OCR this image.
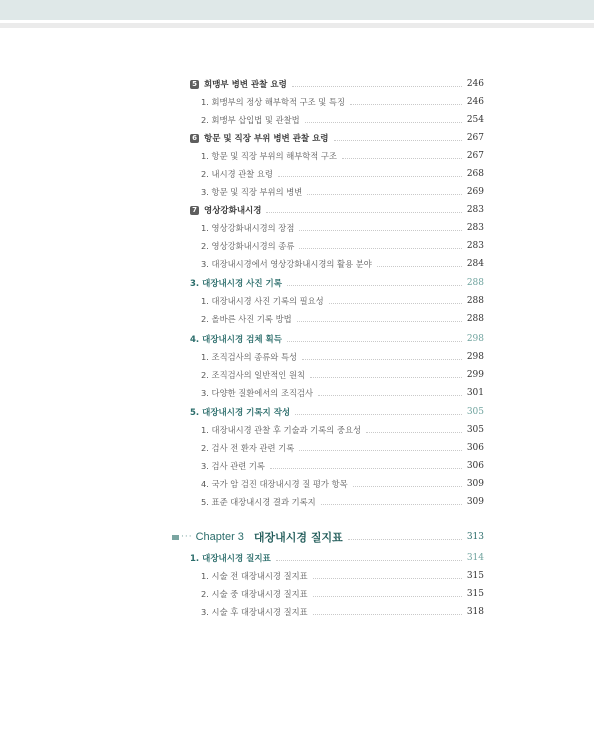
5 회맹부 병변 관찰 요령	246
1. 회맹부의 정상 해부학적 구조 및 특징	246
2. 회맹부 삽입법 및 관찰법	254
6 항문 및 직장 부위 병변 관찰 요령	267
1. 항문 및 직장 부위의 해부학적 구조	267
2. 내시경 관찰 요령	268
3. 항문 및 직장 부위의 병변	269
7 영상강화내시경	283
1. 영상강화내시경의 장점	283
2. 영상강화내시경의 종류	283
3. 대장내시경에서 영상강화내시경의 활용 분야	284
3. 대장내시경 사진 기록	288
1. 대장내시경 사진 기록의 필요성	288
2. 올바른 사진 기록 방법	288
4. 대장내시경 검체 획득	298
1. 조직검사의 종류와 특성	298
2. 조직검사의 일반적인 원칙	299
3. 다양한 질환에서의 조직검사	301
5. 대장내시경 기록지 작성	305
1. 대장내시경 관찰 후 기술과 기록의 중요성	305
2. 검사 전 환자 관련 기록	306
3. 검사 관련 기록	306
4. 국가 암 검진 대장내시경 질 평가 항목	309
5. 표준 대장내시경 결과 기록지	309
··· Chapter 3 대장내시경 질지표	313
1. 대장내시경 질지표	314
1. 시술 전 대장내시경 질지표	315
2. 시술 중 대장내시경 질지표	315
3. 시술 후 대장내시경 질지표	318
